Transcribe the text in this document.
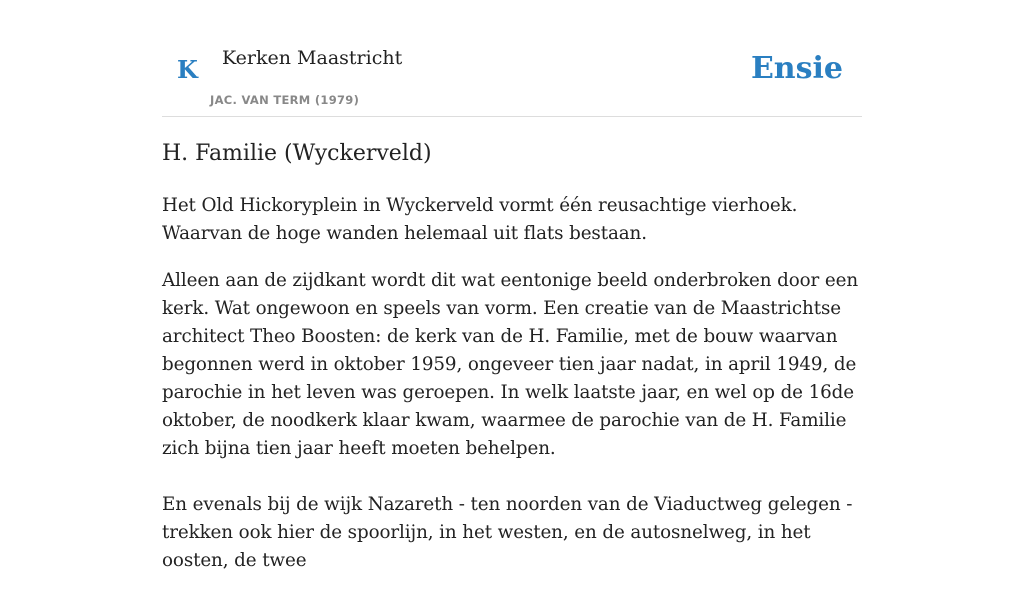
K Kerken Maastricht
JAC. VAN TERM (1979)
Ensie
H. Familie (Wyckerveld)

Het Old Hickoryplein in Wyckerveld vormt één reusachtige vierhoek. Waarvan de hoge wanden helemaal uit flats bestaan.

Alleen aan de zijdkant wordt dit wat eentonige beeld onderbroken door een kerk. Wat ongewoon en speels van vorm. Een creatie van de Maastrichtse architect Theo Boosten: de kerk van de H. Familie, met de bouw waarvan begonnen werd in oktober 1959, ongeveer tien jaar nadat, in april 1949, de parochie in het leven was geroepen. In welk laatste jaar, en wel op de 16de oktober, de noodkerk klaar kwam, waarmee de parochie van de H. Familie zich bijna tien jaar heeft moeten behelpen.

En evenals bij de wijk Nazareth - ten noorden van de Viaductweg gelegen - trekken ook hier de spoorlijn, in het westen, en de autosnelweg, in het oosten, de twee
